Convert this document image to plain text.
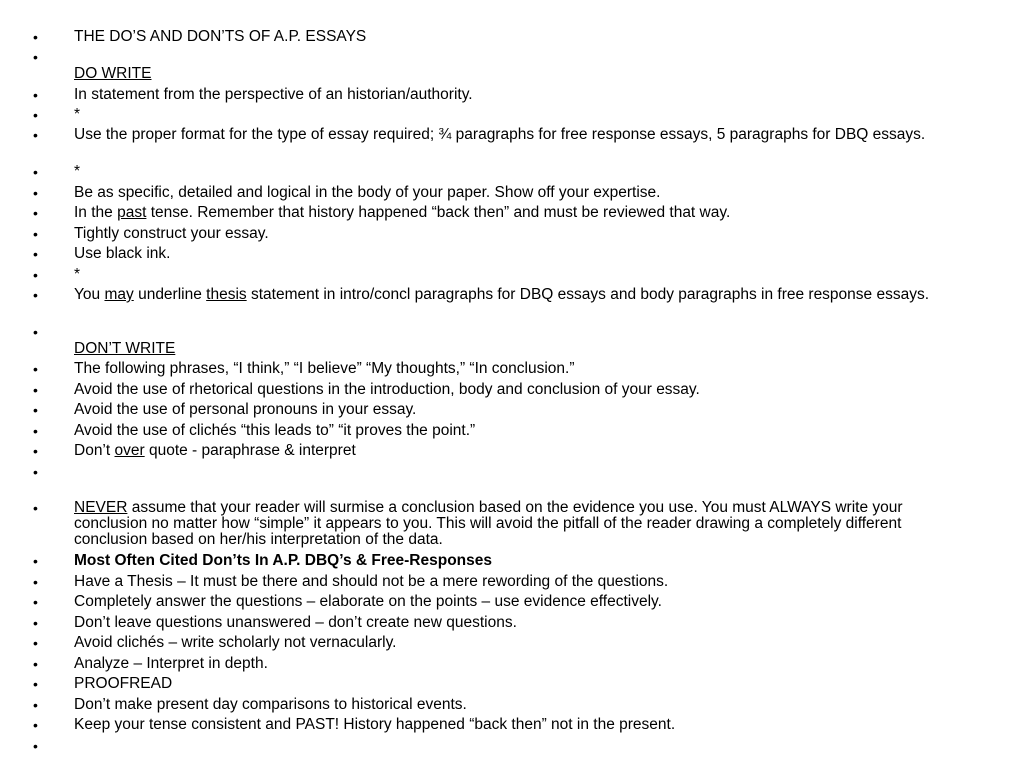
• THE DO’S AND DON’TS OF A.P. ESSAYS
•
DO WRITE
• In statement from the perspective of an historian/authority.
• *
• Use the proper format for the type of essay required; ¾ paragraphs for free response essays, 5 paragraphs for DBQ essays.
• *
• Be as specific, detailed and logical in the body of your paper. Show off your expertise.
• In the past tense. Remember that history happened “back then” and must be reviewed that way.
• Tightly construct your essay.
• Use black ink.
• *
• You may underline thesis statement in intro/concl paragraphs for DBQ essays and body paragraphs in free response essays.
•
DON’T WRITE
• The following phrases, “I think,” “I believe” “My thoughts,” “In conclusion.”
• Avoid the use of rhetorical questions in the introduction, body and conclusion of your essay.
• Avoid the use of personal pronouns in your essay.
• Avoid the use of clichés “this leads to” “it proves the point.”
• Don’t over quote - paraphrase & interpret
•
• NEVER assume that your reader will surmise a conclusion based on the evidence you use. You must ALWAYS write your conclusion no matter how “simple” it appears to you. This will avoid the pitfall of the reader drawing a completely different conclusion based on her/his interpretation of the data.
• Most Often Cited Don’ts In A.P. DBQ’s & Free-Responses
• Have a Thesis – It must be there and should not be a mere rewording of the questions.
• Completely answer the questions – elaborate on the points – use evidence effectively.
• Don’t leave questions unanswered – don’t create new questions.
• Avoid clichés – write scholarly not vernacularly.
• Analyze – Interpret in depth.
• PROOFREAD
• Don’t make present day comparisons to historical events.
• Keep your tense consistent and PAST! History happened “back then” not in the present.
•
